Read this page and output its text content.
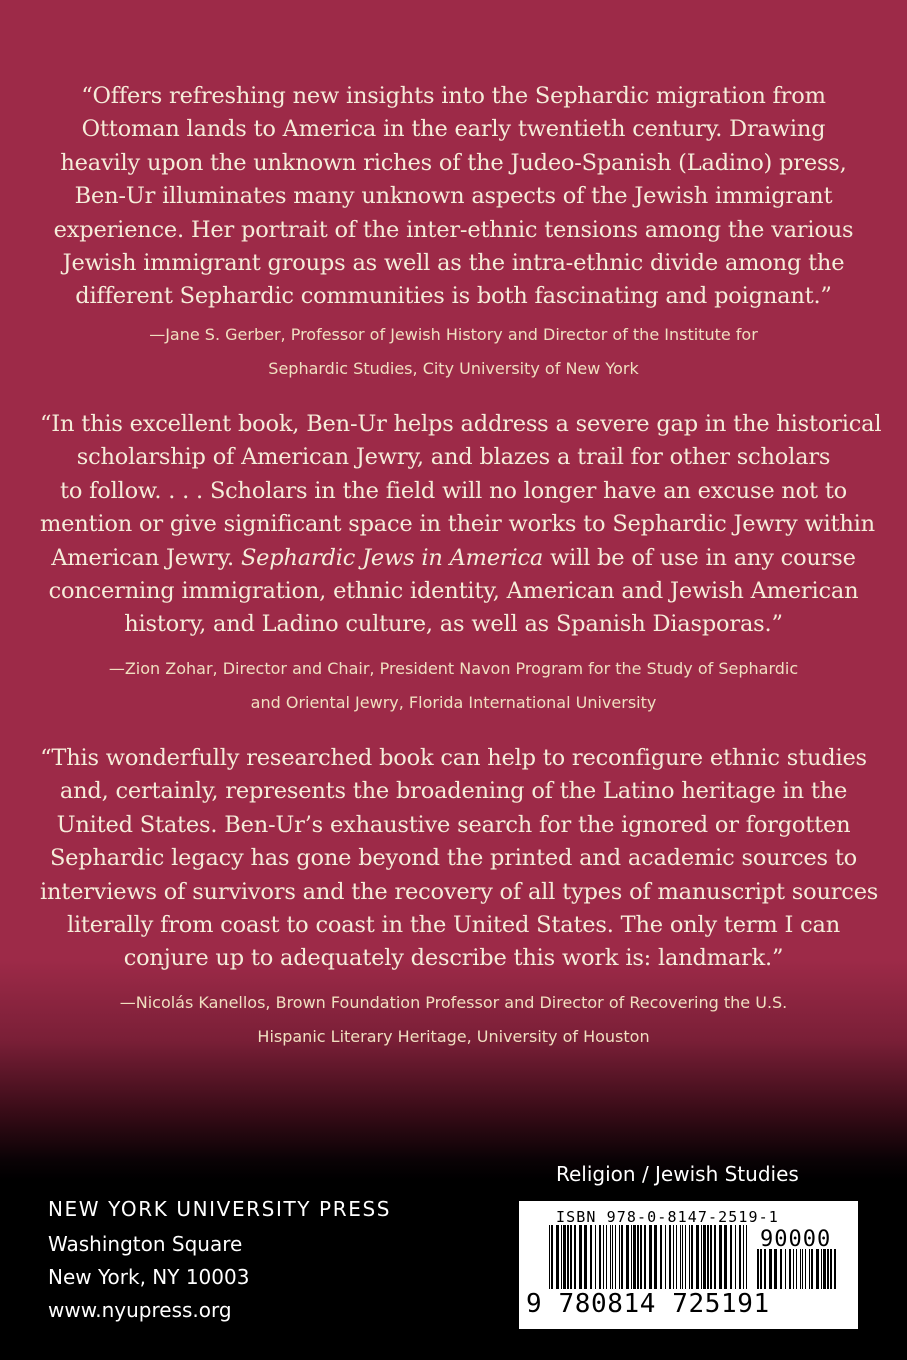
“Offers refreshing new insights into the Sephardic migration from
Ottoman lands to America in the early twentieth century. Drawing
heavily upon the unknown riches of the Judeo-Spanish (Ladino) press,
Ben-Ur illuminates many unknown aspects of the Jewish immigrant
experience. Her portrait of the inter-ethnic tensions among the various
Jewish immigrant groups as well as the intra-ethnic divide among the
different Sephardic communities is both fascinating and poignant.”
—Jane S. Gerber, Professor of Jewish History and Director of the Institute for
Sephardic Studies, City University of New York
“In this excellent book, Ben-Ur helps address a severe gap in the historical
scholarship of American Jewry, and blazes a trail for other scholars
to follow. . . . Scholars in the field will no longer have an excuse not to
mention or give significant space in their works to Sephardic Jewry within
American Jewry. Sephardic Jews in America will be of use in any course
concerning immigration, ethnic identity, American and Jewish American
history, and Ladino culture, as well as Spanish Diasporas.”
—Zion Zohar, Director and Chair, President Navon Program for the Study of Sephardic
and Oriental Jewry, Florida International University
“This wonderfully researched book can help to reconfigure ethnic studies
and, certainly, represents the broadening of the Latino heritage in the
United States. Ben-Ur’s exhaustive search for the ignored or forgotten
Sephardic legacy has gone beyond the printed and academic sources to
interviews of survivors and the recovery of all types of manuscript sources
literally from coast to coast in the United States. The only term I can
conjure up to adequately describe this work is: landmark.”
—Nicolás Kanellos, Brown Foundation Professor and Director of Recovering the U.S.
Hispanic Literary Heritage, University of Houston
NEW YORK UNIVERSITY PRESS
Washington Square
New York, NY 10003
www.nyupress.org
Religion / Jewish Studies
ISBN 978-0-8147-2519-1
90000
9 780814 725191
